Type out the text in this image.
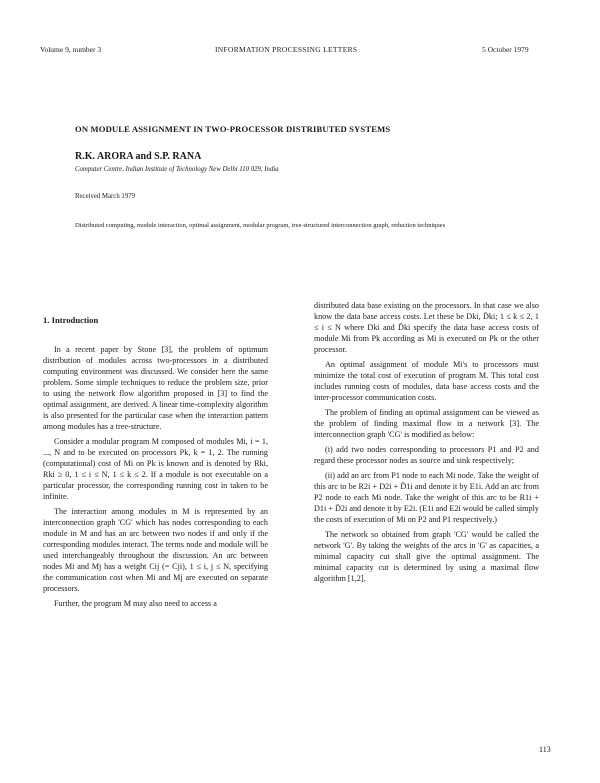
Volume 9, number 3	INFORMATION PROCESSING LETTERS	5 October 1979
ON MODULE ASSIGNMENT IN TWO-PROCESSOR DISTRIBUTED SYSTEMS
R.K. ARORA and S.P. RANA
Computer Centre, Indian Institute of Technology New Delhi 110 029, India
Received March 1979
Distributed computing, module interaction, optimal assignment, modular program, tree-structured interconnection graph, reduction techniques
1. Introduction

In a recent paper by Stone [3], the problem of optimum distribution of modules across two-processors in a distributed computing environment was discussed. We consider here the same problem. Some simple techniques to reduce the problem size, prior to using the network flow algorithm proposed in [3] to find the optimal assignment, are derived. A linear time-complexity algorithm is also presented for the particular case when the interaction pattern among modules has a tree-structure.

Consider a modular program M composed of modules Mi, i = 1, ..., N and to be executed on processors Pk, k = 1, 2. The running (computational) cost of Mi on Pk is known and is denoted by Rki, Rki ≥ 0, 1 ≤ i ≤ N, 1 ≤ k ≤ 2. If a module is not executable on a particular processor, the corresponding running cost in taken to be infinite.

The interaction among modules in M is represented by an interconnection graph 'CG' which has nodes corresponding to each module in M and has an arc between two nodes if and only if the corresponding modules interact. The terms node and module will be used interchangeably throughout the discussion. An arc between nodes Mi and Mj has a weight Cij (= Cji), 1 ≤ i, j ≤ N, specifying the communication cost when Mi and Mj are executed on separate processors.

Further, the program M may also need to access a

distributed data base existing on the processors. In that case we also know the data base access costs. Let these be Dki, D̄ki; 1 ≤ k ≤ 2, 1 ≤ i ≤ N where Dki and D̄ki specify the data base access costs of module Mi from Pk according as Mi is executed on Pk or the other processor.

An optimal assignment of module Mi's to processors must minimize the total cost of execution of program M. This total cost includes running costs of modules, data base access costs and the inter-processor communication costs.

The problem of finding an optimal assignment can be viewed as the problem of finding maximal flow in a network [3]. The interconnection graph 'CG' is modified as below:

(i) add two nodes corresponding to processors P1 and P2 and regard these processor nodes as source and sink respectively;

(ii) add an arc from P1 node to each Mi node. Take the weight of this arc to be R2i + D2i + D̄1i and denote it by E1i. Add an arc from P2 node to each Mi node. Take the weight of this arc to be R1i + D1i + D̄2i and denote it by E2i. (E1i and E2i would be called simply the costs of execution of Mi on P2 and P1 respectively.)

The network so obtained from graph 'CG' would be called the network 'G'. By taking the weights of the arcs in 'G' as capacities, a minimal capacity cut shall give the optimal assignment. The minimal capacity cut is determined by using a maximal flow algorithm [1,2].

113
